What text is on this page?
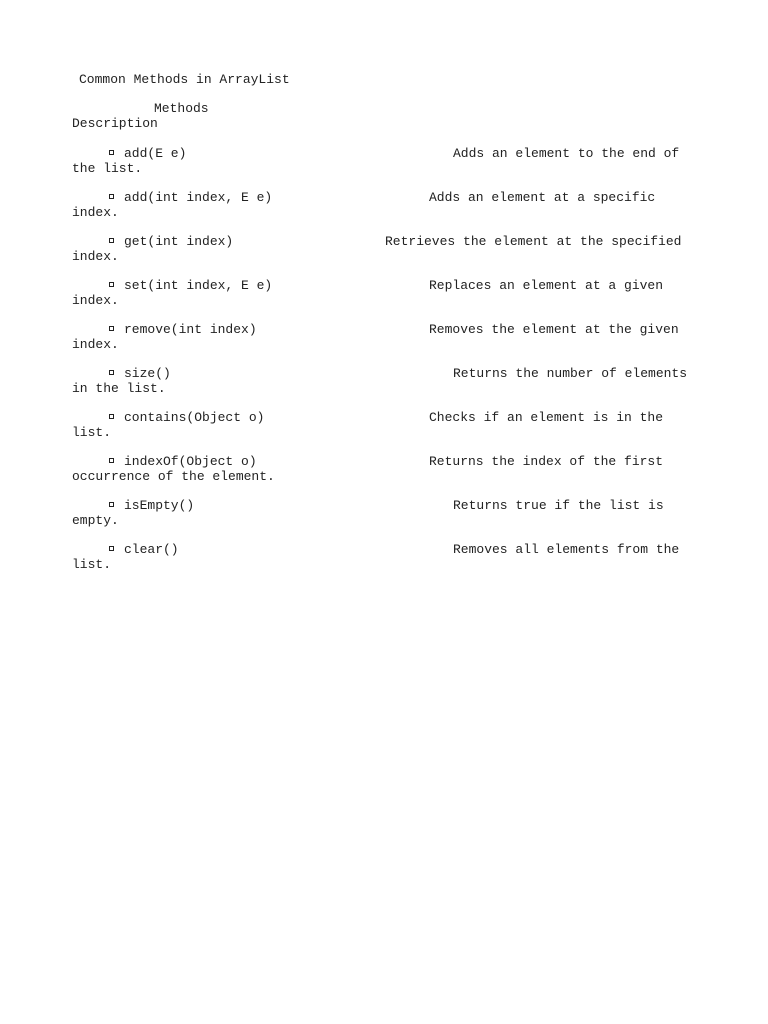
Common Methods in ArrayList
Methods
Description
add(E e)	Adds an element to the end of
the list.
add(int index, E e)	Adds an element at a specific
index.
get(int index)	Retrieves the element at the specified
index.
set(int index, E e)	Replaces an element at a given
index.
remove(int index)	Removes the element at the given
index.
size()	Returns the number of elements
in the list.
contains(Object o)	Checks if an element is in the
list.
indexOf(Object o)	Returns the index of the first
occurrence of the element.
isEmpty()	Returns true if the list is
empty.
clear()	Removes all elements from the
list.
